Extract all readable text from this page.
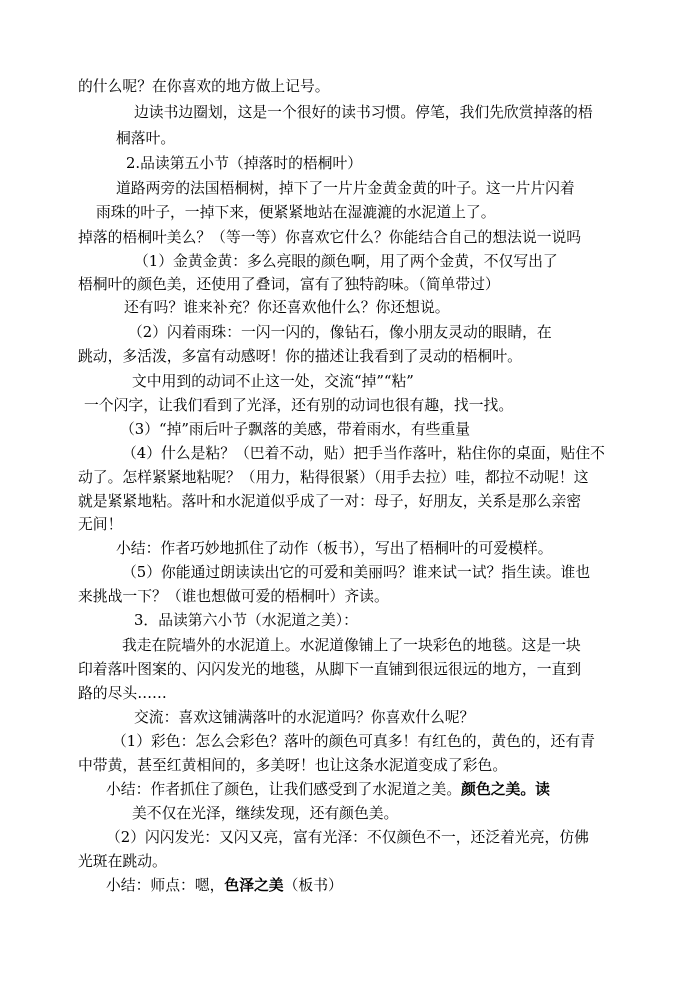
的什么呢？在你喜欢的地方做上记号。

边读书边圈划，这是一个很好的读书习惯。停笔，我们先欣赏掉落的梧

桐落叶。

2.品读第五小节（掉落时的梧桐叶）

道路两旁的法国梧桐树，掉下了一片片金黄金黄的叶子。这一片片闪着

雨珠的叶子，一掉下来，便紧紧地站在湿漉漉的水泥道上了。

掉落的梧桐叶美么？（等一等）你喜欢它什么？你能结合自己的想法说一说吗

（1）金黄金黄：多么亮眼的颜色啊，用了两个金黄，不仅写出了

梧桐叶的颜色美，还使用了叠词，富有了独特韵味。（简单带过）

还有吗？谁来补充？你还喜欢他什么？你还想说。

（2）闪着雨珠：一闪一闪的，像钻石，像小朋友灵动的眼睛，在

跳动，多活泼，多富有动感呀！你的描述让我看到了灵动的梧桐叶。

文中用到的动词不止这一处，交流“掉”“粘”

一个闪字，让我们看到了光泽，还有别的动词也很有趣，找一找。

（3）“掉”雨后叶子飘落的美感，带着雨水，有些重量

（4）什么是粘？（巴着不动，贴）把手当作落叶，粘住你的桌面，贴住不

动了。怎样紧紧地粘呢？（用力，粘得很紧）（用手去拉）哇，都拉不动呢！这

就是紧紧地粘。落叶和水泥道似乎成了一对：母子，好朋友，关系是那么亲密

无间！

小结：作者巧妙地抓住了动作（板书），写出了梧桐叶的可爱模样。

（5）你能通过朗读读出它的可爱和美丽吗？谁来试一试？指生读。谁也

来挑战一下？（谁也想做可爱的梧桐叶）齐读。

3．品读第六小节（水泥道之美）：

我走在院墙外的水泥道上。水泥道像铺上了一块彩色的地毯。这是一块

印着落叶图案的、闪闪发光的地毯，从脚下一直铺到很远很远的地方，一直到

路的尽头……

交流：喜欢这铺满落叶的水泥道吗？你喜欢什么呢？

（1）彩色：怎么会彩色？落叶的颜色可真多！有红色的，黄色的，还有青

中带黄，甚至红黄相间的，多美呀！也让这条水泥道变成了彩色。

小结：作者抓住了颜色，让我们感受到了水泥道之美。颜色之美。读

美不仅在光泽，继续发现，还有颜色美。

（2）闪闪发光：又闪又亮，富有光泽：不仅颜色不一，还泛着光亮，仿佛

光斑在跳动。

小结：师点：嗯，色泽之美（板书）
